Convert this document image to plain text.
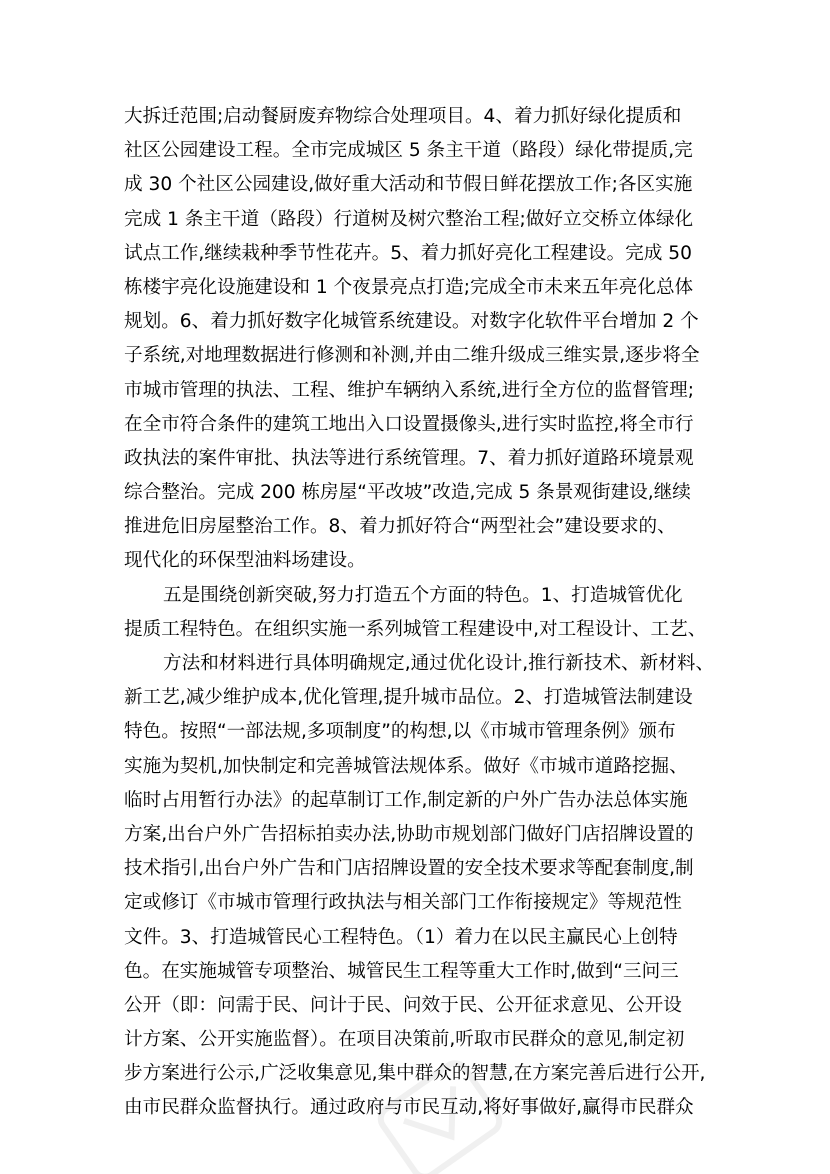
大拆迁范围;启动餐厨废弃物综合处理项目。4、着力抓好绿化提质和
社区公园建设工程。全市完成城区 5 条主干道（路段）绿化带提质,完
成 30 个社区公园建设,做好重大活动和节假日鲜花摆放工作;各区实施
完成 1 条主干道（路段）行道树及树穴整治工程;做好立交桥立体绿化
试点工作,继续栽种季节性花卉。5、着力抓好亮化工程建设。完成 50
栋楼宇亮化设施建设和 1 个夜景亮点打造;完成全市未来五年亮化总体
规划。6、着力抓好数字化城管系统建设。对数字化软件平台增加 2 个
子系统,对地理数据进行修测和补测,并由二维升级成三维实景,逐步将全
市城市管理的执法、工程、维护车辆纳入系统,进行全方位的监督管理;
在全市符合条件的建筑工地出入口设置摄像头,进行实时监控,将全市行
政执法的案件审批、执法等进行系统管理。7、着力抓好道路环境景观
综合整治。完成 200 栋房屋“平改坡”改造,完成 5 条景观街建设,继续
推进危旧房屋整治工作。8、着力抓好符合“两型社会”建设要求的、
现代化的环保型油料场建设。
五是围绕创新突破,努力打造五个方面的特色。1、打造城管优化
提质工程特色。在组织实施一系列城管工程建设中,对工程设计、工艺、
方法和材料进行具体明确规定,通过优化设计,推行新技术、新材料、
新工艺,减少维护成本,优化管理,提升城市品位。2、打造城管法制建设
特色。按照“一部法规,多项制度”的构想,以《市城市管理条例》颁布
实施为契机,加快制定和完善城管法规体系。做好《市城市道路挖掘、
临时占用暂行办法》的起草制订工作,制定新的户外广告办法总体实施
方案,出台户外广告招标拍卖办法,协助市规划部门做好门店招牌设置的
技术指引,出台户外广告和门店招牌设置的安全技术要求等配套制度,制
定或修订《市城市管理行政执法与相关部门工作衔接规定》等规范性
文件。3、打造城管民心工程特色。（1）着力在以民主赢民心上创特
色。在实施城管专项整治、城管民生工程等重大工作时,做到“三问三
公开（即：问需于民、问计于民、问效于民、公开征求意见、公开设
计方案、公开实施监督）。在项目决策前,听取市民群众的意见,制定初
步方案进行公示,广泛收集意见,集中群众的智慧,在方案完善后进行公开,
由市民群众监督执行。通过政府与市民互动,将好事做好,赢得市民群众
